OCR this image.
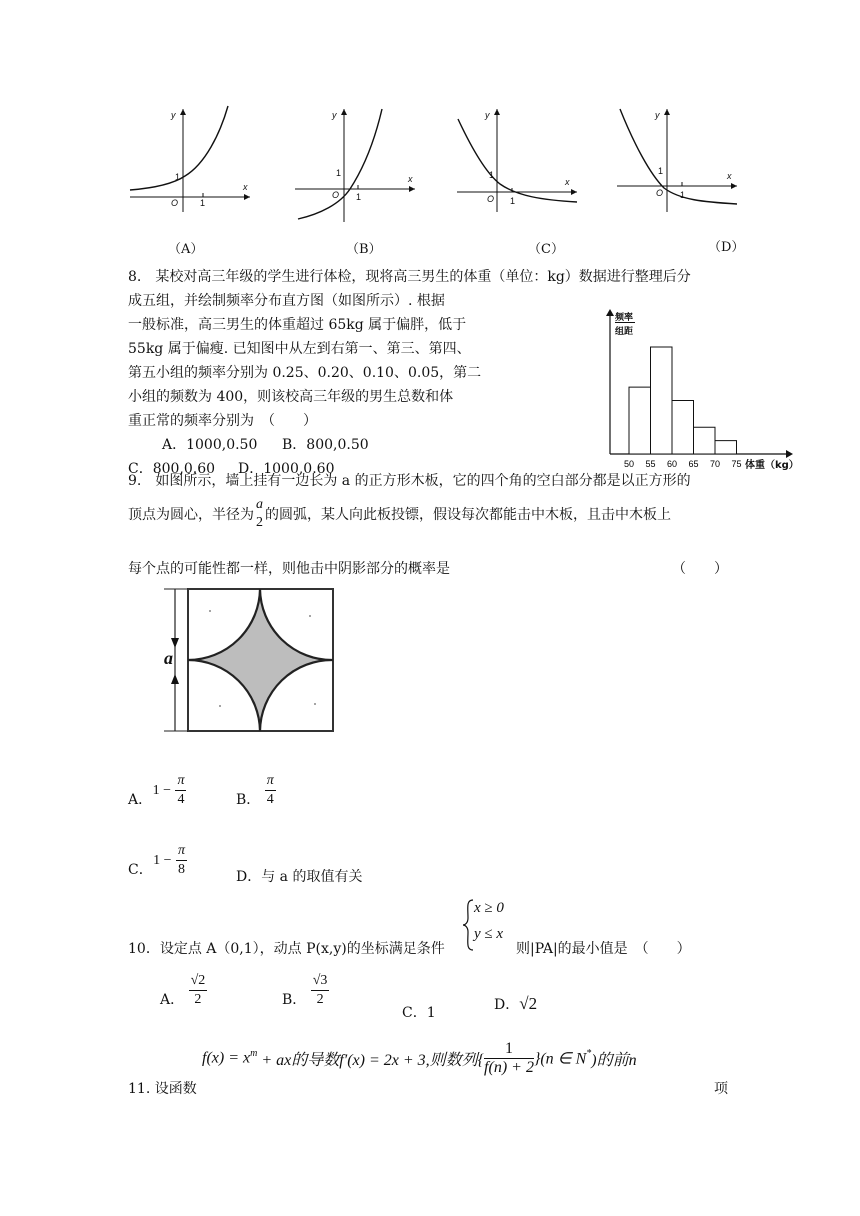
y
x
O 1
1
（A）
y
x
O 1
1
（B）
y
x
O 1
1
（C）
y
x
O 1
1
（D）
8.　某校对高三年级的学生进行体检，现将高三男生的体重（单位：kg）数据进行整理后分
成五组，并绘制频率分布直方图（如图所示）. 根据
一般标准，高三男生的体重超过 65kg 属于偏胖，低于
55kg 属于偏瘦. 已知图中从左到右第一、第三、第四、
第五小组的频率分别为 0.25、0.20、0.10、0.05，第二
小组的频数为 400，则该校高三年级的男生总数和体
重正常的频率分别为　（　　）
A．1000,0.50 B．800,0.50
C．800,0.60 D．1000,0.60	50 55 60 65 70 75
频率
组距
体重（kg）
9.　如图所示，墙上挂有一边长为 a 的正方形木板，它的四个角的空白部分都是以正方形的
顶点为圆心，半径为
a
2 的圆弧，某人向此板投镖，假设每次都能击中木板，且击中木板上
每个点的可能性都一样，则他击中阴影部分的概率是	（　　）
a
A． $1 - \frac{\pi}{4}$	B． $\frac{\pi}{4}$
C． $1 - \frac{\pi}{8}$	D．与 a 的取值有关
10．设定点 A（0,1），动点 P(x,y)的坐标满足条件
x ≥ 0
y ≤ x
则|PA|的最小值是　（　　）
A． $\frac{√2}{2}$	B． $\frac{√3}{2}$
C．1	D．√2
$f(x) = x^m$ + ax的导数f′(x) = 2x + 3,则数列{ $\frac{1}{f(n) + 2} \}(n$ ∈ N*)的前n
11. 设函数	项
